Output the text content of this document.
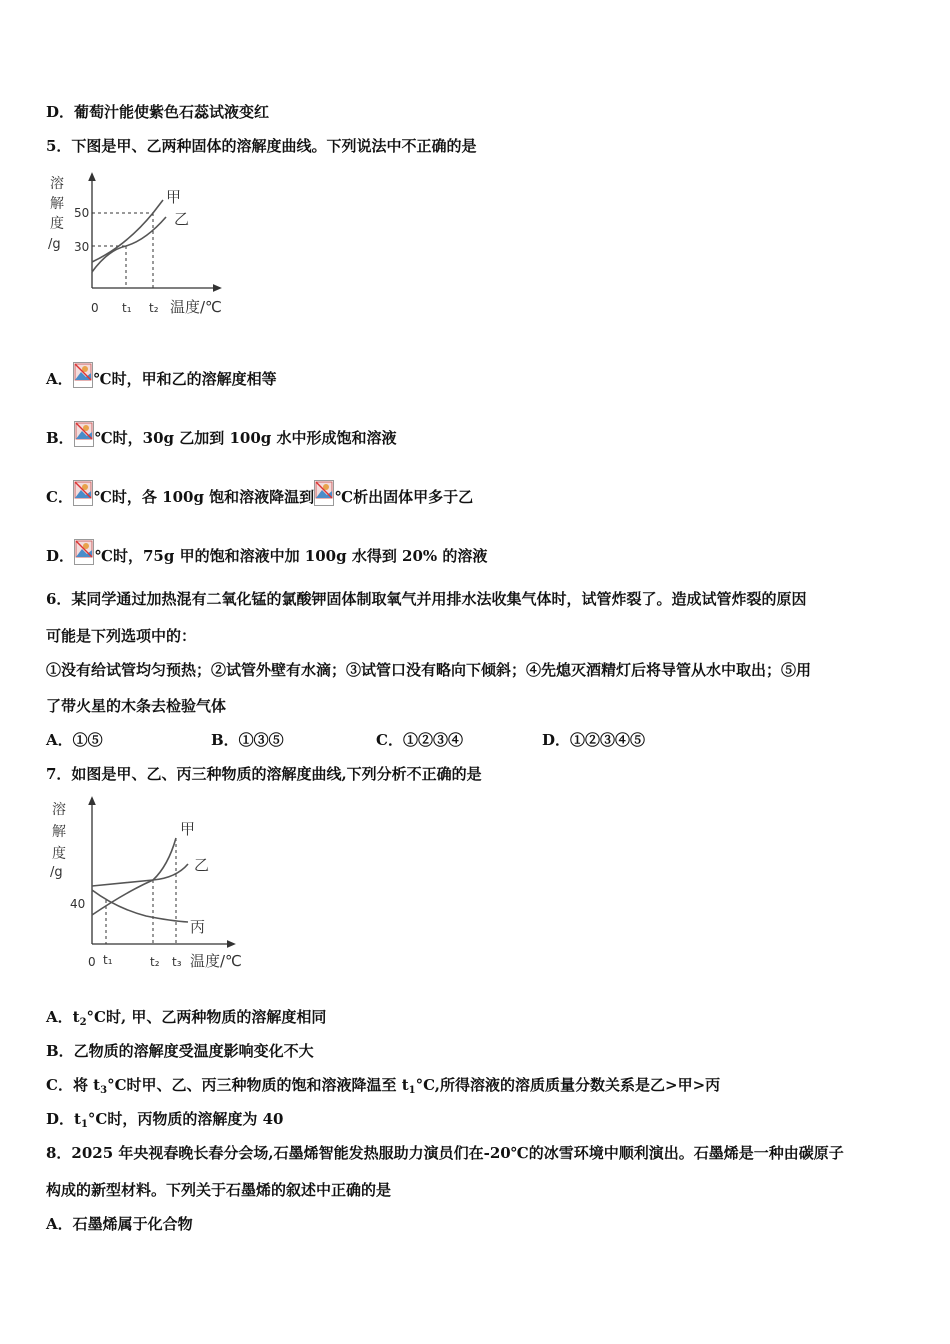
D．葡萄汁能使紫色石蕊试液变红
5．下图是甲、乙两种固体的溶解度曲线。下列说法中不正确的是
溶
解
度
/g 30
50
甲
乙
0 t₁ t₂ 温度/℃
A． ℃时，甲和乙的溶解度相等
B． ℃时，30g 乙加到 100g 水中形成饱和溶液
C． ℃时，各 100g 饱和溶液降温到 ℃析出固体甲多于乙
D． ℃时，75g 甲的饱和溶液中加 100g 水得到 20% 的溶液
6．某同学通过加热混有二氧化锰的氯酸钾固体制取氧气并用排水法收集气体时，试管炸裂了。造成试管炸裂的原因
可能是下列选项中的：
①没有给试管均匀预热；②试管外壁有水滴；③试管口没有略向下倾斜；④先熄灭酒精灯后将导管从水中取出；⑤用
了带火星的木条去检验气体
A．①⑤	B．①③⑤	C．①②③④	D．①②③④⑤
7．如图是甲、乙、丙三种物质的溶解度曲线,下列分析不正确的是
溶
解
度
/g
40
甲
乙
丙
0 t₁	t₂ t₃ 温度/℃
A．$t_2^\circ C$时, 甲、乙两种物质的溶解度相同
B．乙物质的溶解度受温度影响变化不大
C．将 $t_3^\circ C$时甲、乙、丙三种物质的饱和溶液降温至 $t_1^\circ C$,所得溶液的溶质质量分数关系是乙>甲>丙
D．$t_1^\circ C$时，丙物质的溶解度为 40
8．2025 年央视春晚长春分会场,石墨烯智能发热服助力演员们在-20℃的冰雪环境中顺利演出。石墨烯是一种由碳原子
构成的新型材料。下列关于石墨烯的叙述中正确的是
A．石墨烯属于化合物
